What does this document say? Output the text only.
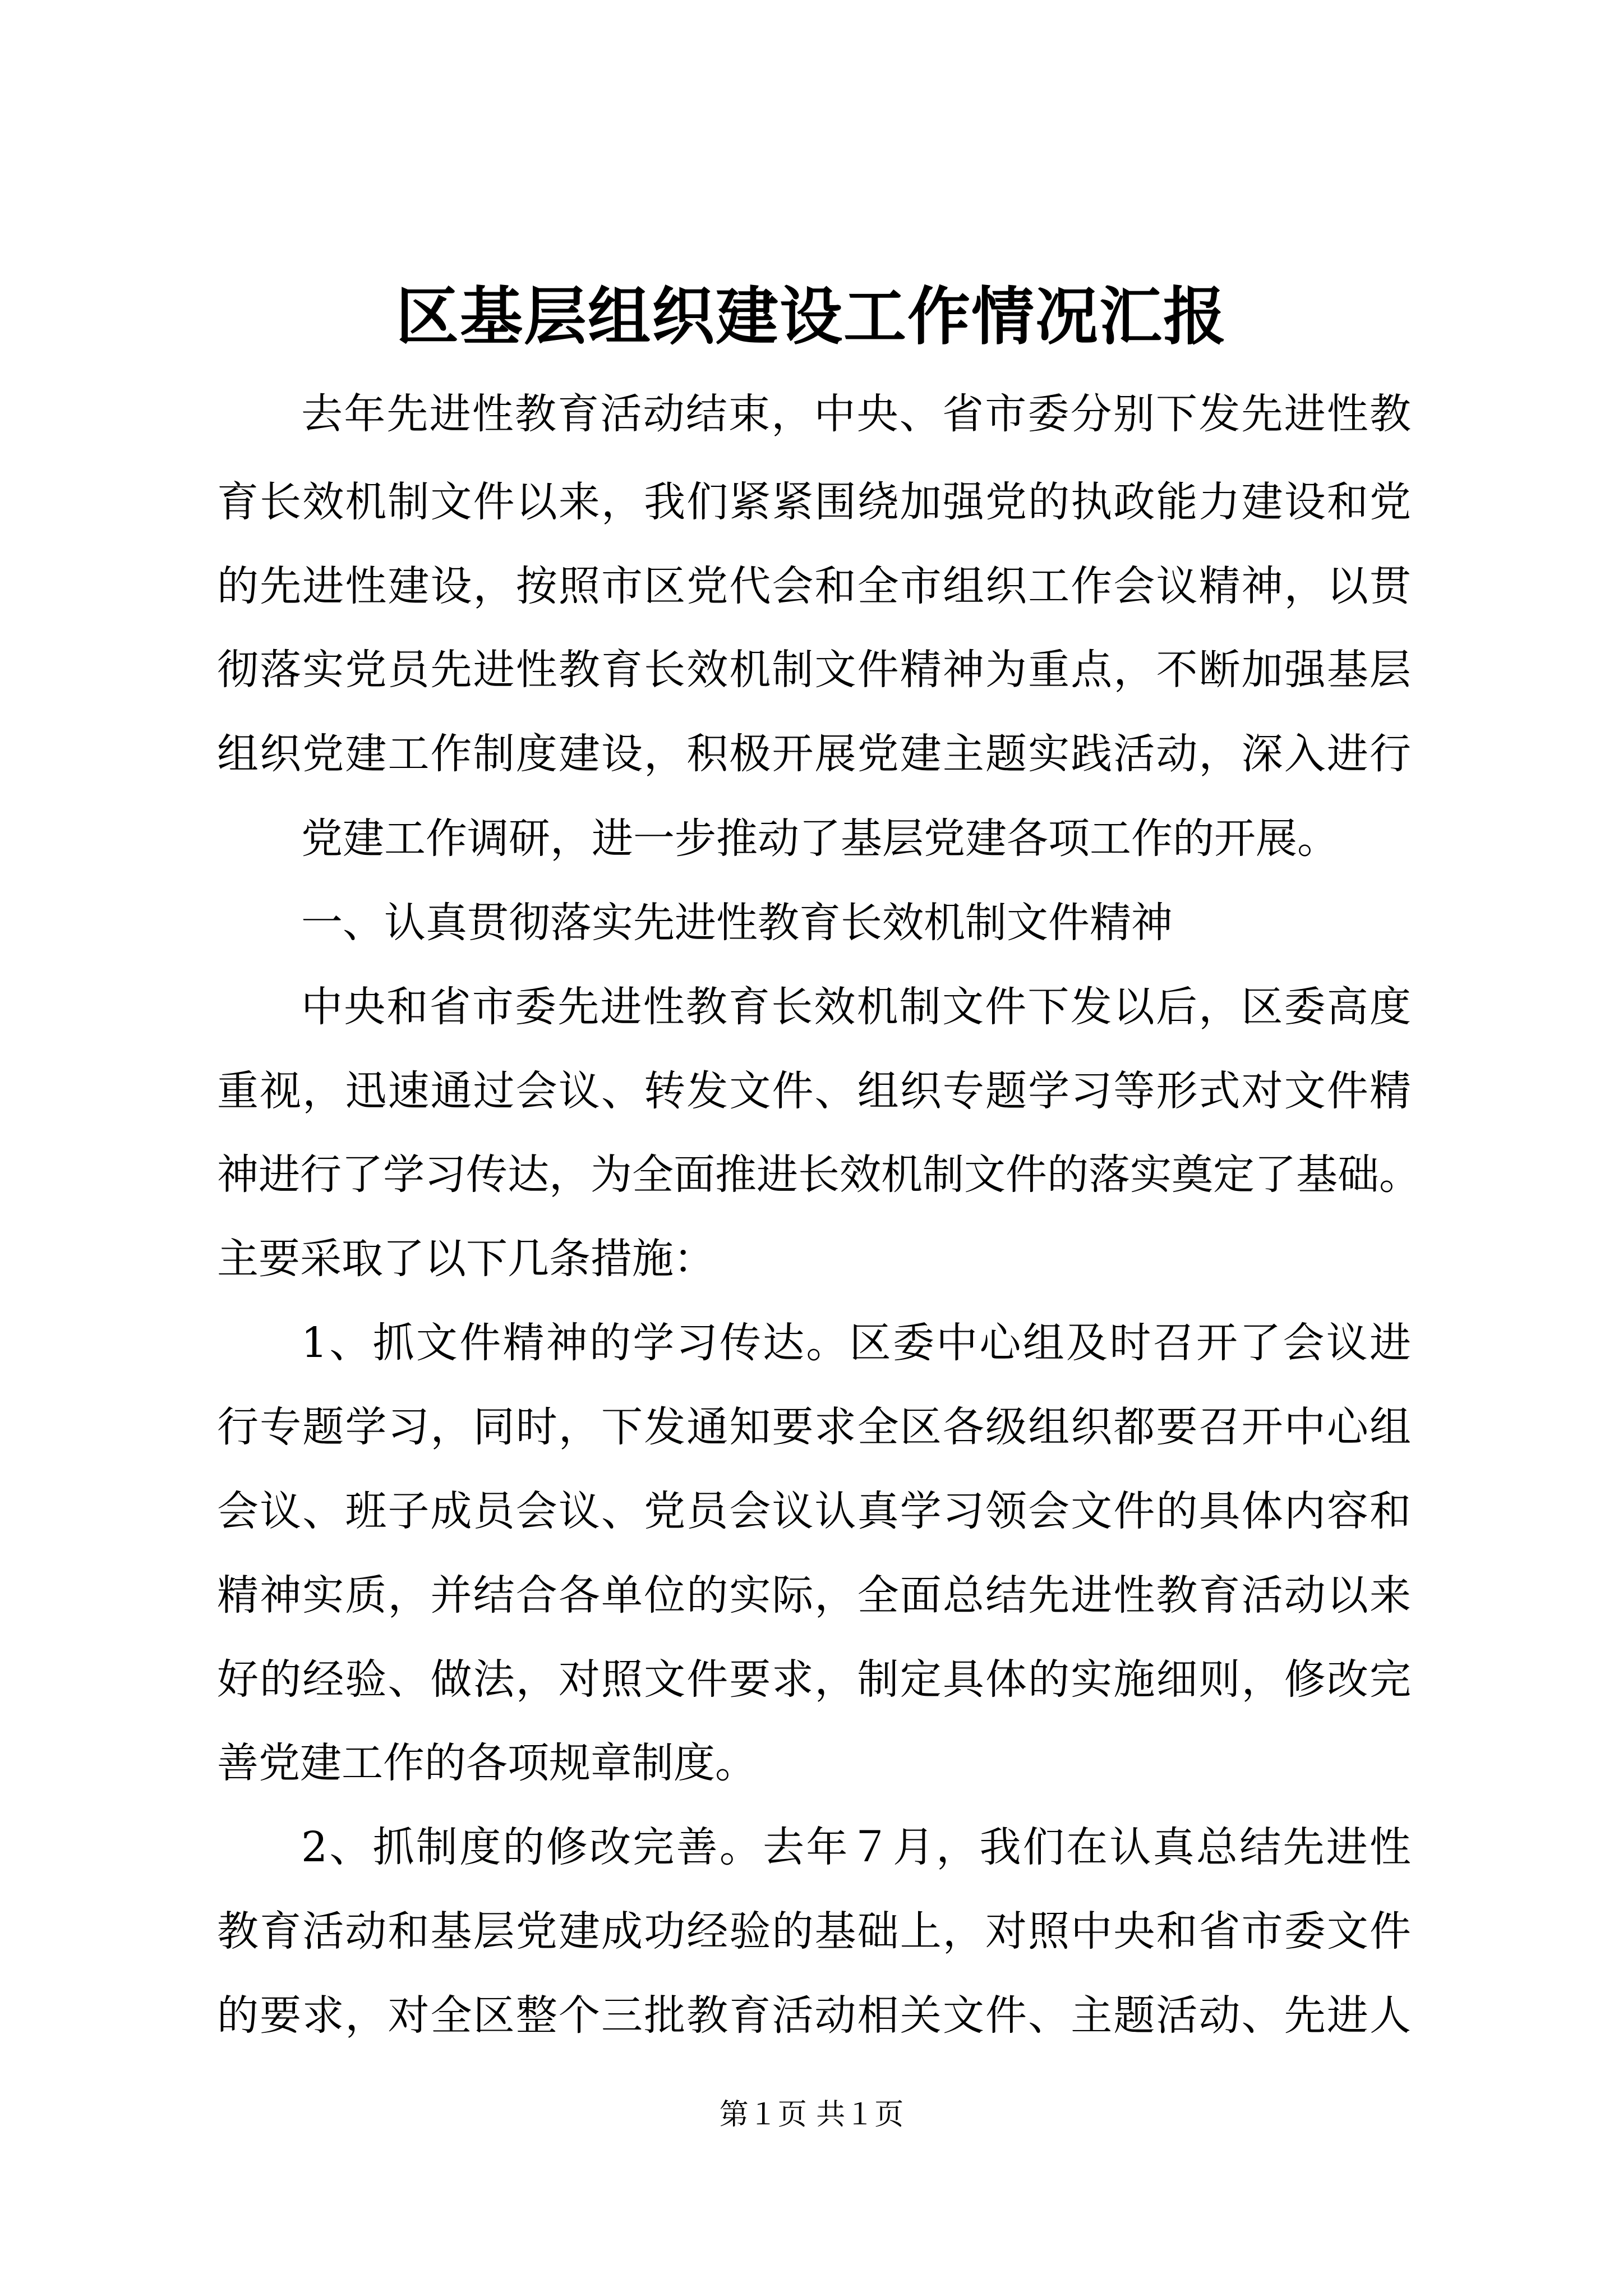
区基层组织建设工作情况汇报
去年先进性教育活动结束，中央、省市委分别下发先进性教
育长效机制文件以来，我们紧紧围绕加强党的执政能力建设和党
的先进性建设，按照市区党代会和全市组织工作会议精神，以贯
彻落实党员先进性教育长效机制文件精神为重点，不断加强基层
组织党建工作制度建设，积极开展党建主题实践活动，深入进行
党建工作调研，进一步推动了基层党建各项工作的开展。
一、认真贯彻落实先进性教育长效机制文件精神
中央和省市委先进性教育长效机制文件下发以后，区委高度
重视，迅速通过会议、转发文件、组织专题学习等形式对文件精
神进行了学习传达，为全面推进长效机制文件的落实奠定了基础。
主要采取了以下几条措施：
1、抓文件精神的学习传达。区委中心组及时召开了会议进
行专题学习，同时，下发通知要求全区各级组织都要召开中心组
会议、班子成员会议、党员会议认真学习领会文件的具体内容和
精神实质，并结合各单位的实际，全面总结先进性教育活动以来
好的经验、做法，对照文件要求，制定具体的实施细则，修改完
善党建工作的各项规章制度。
2、抓制度的修改完善。去年７月，我们在认真总结先进性
教育活动和基层党建成功经验的基础上，对照中央和省市委文件
的要求，对全区整个三批教育活动相关文件、主题活动、先进人
第１页 共１页
